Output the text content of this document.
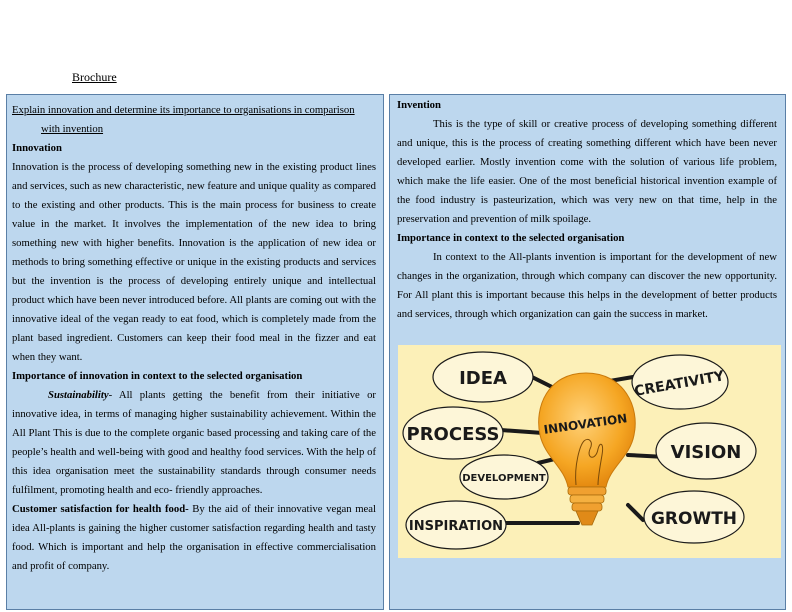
Brochure

Explain innovation and determine its importance to organisations in comparison

with invention

Innovation

Innovation is the process of developing something new in the existing product lines and services, such as new characteristic, new feature and unique quality as compared to the existing and other products. This is the main process for business to create value in the market. It involves the implementation of the new idea to bring something new with higher benefits. Innovation is the application of new idea or methods to bring something effective or unique in the existing products and services but the invention is the process of developing entirely unique and intellectual product which have been never introduced before. All plants are coming out with the innovative ideal of the vegan ready to eat food, which is completely made from the plant based ingredient. Customers can keep their food meal in the fizzer and eat when they want.

Importance of innovation in context to the selected organisation

Sustainability- All plants getting the benefit from their initiative or innovative idea, in terms of managing higher sustainability achievement. Within the All Plant This is due to the complete organic based processing and taking care of the people’s health and well-being with good and healthy food services. With the help of this idea organisation meet the sustainability standards through consumer needs fulfilment, promoting health and eco- friendly approaches.

Customer satisfaction for health food- By the aid of their innovative vegan meal idea All-plants is gaining the higher customer satisfaction regarding health and tasty food. Which is important and help the organisation in effective commercialisation and profit of company.

Invention

This is the type of skill or creative process of developing something different and unique, this is the process of creating something different which have been never developed earlier. Mostly invention come with the solution of various life problem, which make the life easier. One of the most beneficial historical invention example of the food industry is pasteurization, which was very new on that time, help in the preservation and prevention of milk spoilage.

Importance in context to the selected organisation

In context to the All-plants invention is important for the development of new changes in the organization, through which company can discover the new opportunity. For All plant this is important because this helps in the development of better products and services, through which organization can gain the success in market.

INNOVATION
IDEA	CREATIVITY
PROCESS
VISION
DEVELOPMENT
INSPIRATION	GROWTH
